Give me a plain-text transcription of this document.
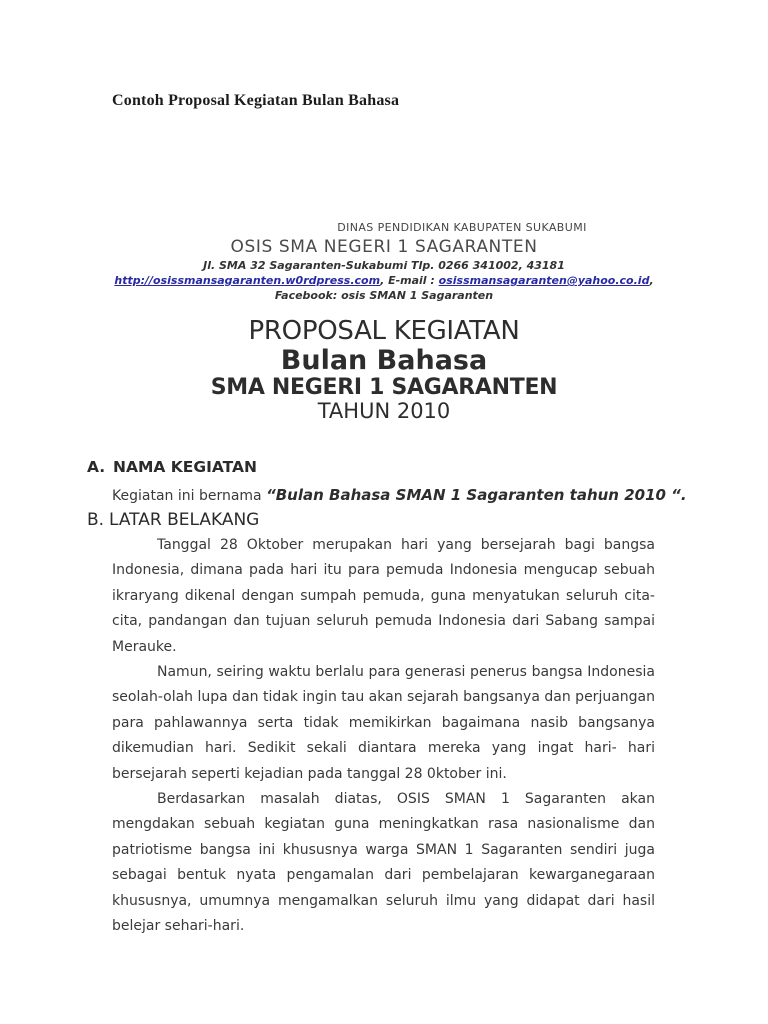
Contoh Proposal Kegiatan Bulan Bahasa
DINAS PENDIDIKAN KABUPATEN SUKABUMI
OSIS SMA NEGERI 1 SAGARANTEN
Jl. SMA 32 Sagaranten-Sukabumi Tlp. 0266 341002, 43181
http://osissmansagaranten.w0rdpress.com, E-mail : osissmansagaranten@yahoo.co.id,
Facebook: osis SMAN 1 Sagaranten
PROPOSAL KEGIATAN
Bulan Bahasa
SMA NEGERI 1 SAGARANTEN
TAHUN 2010
A. NAMA KEGIATAN
Kegiatan ini bernama “Bulan Bahasa SMAN 1 Sagaranten tahun 2010 “.
B. LATAR BELAKANG

Tanggal 28 Oktober merupakan hari yang bersejarah bagi bangsa Indonesia, dimana pada hari itu para pemuda Indonesia mengucap sebuah ikraryang dikenal dengan sumpah pemuda, guna menyatukan seluruh cita-cita, pandangan dan tujuan seluruh pemuda Indonesia dari Sabang sampai Merauke.

Namun, seiring waktu berlalu para generasi penerus bangsa Indonesia seolah-olah lupa dan tidak ingin tau akan sejarah bangsanya dan perjuangan para pahlawannya serta tidak memikirkan bagaimana nasib bangsanya dikemudian hari. Sedikit sekali diantara mereka yang ingat hari- hari bersejarah seperti kejadian pada tanggal 28 0ktober ini.

Berdasarkan masalah diatas, OSIS SMAN 1 Sagaranten akan mengdakan sebuah kegiatan guna meningkatkan rasa nasionalisme dan patriotisme bangsa ini khususnya warga SMAN 1 Sagaranten sendiri juga sebagai bentuk nyata pengamalan dari pembelajaran kewarganegaraan khususnya, umumnya mengamalkan seluruh ilmu yang didapat dari hasil belejar sehari-hari.
